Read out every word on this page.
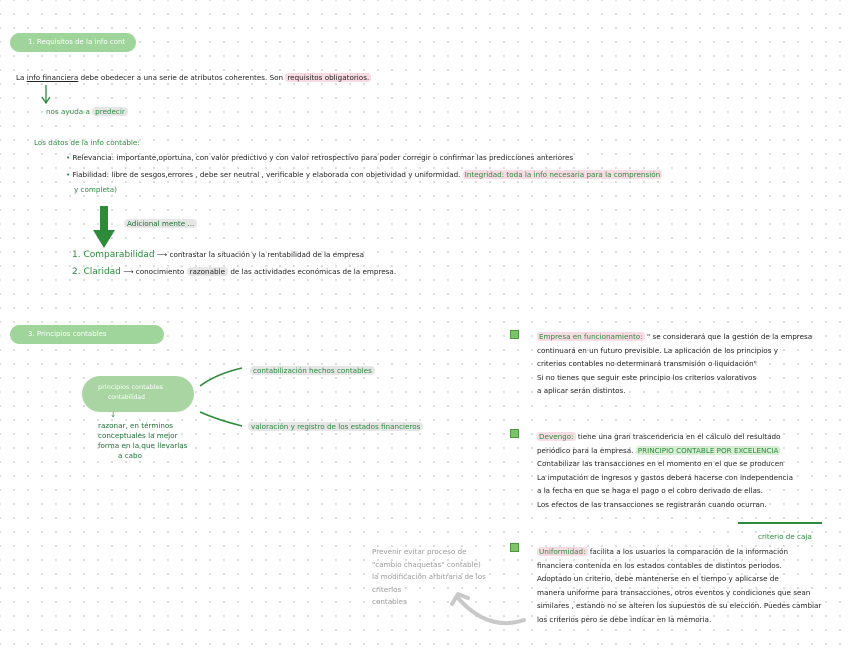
1. Requisitos de la info cont
La info financiera debe obedecer a una serie de atributos coherentes. Son requisitos obligatorios.
nos ayuda a predecir
Los datos de la info contable:
• Relevancia: importante,oportuna, con valor predictivo y con valor retrospectivo para poder corregir o confirmar las predicciones anteriores
• Fiabilidad: libre de sesgos,errores , debe ser neutral , verificable y elaborada con objetividad y uniformidad. Integridad: toda la info necesaria para la comprensión
y completa)
Adicional mente ...
1. Comparabilidad ⟶ contrastar la situación y la rentabilidad de la empresa
2. Claridad ⟶ conocimiento razonable de las actividades económicas de la empresa.
3. Principios contables
principios contables
contabilidad
↓
razonar, en términos
conceptuales la mejor
forma en la que llevarlas
a cabo
contabilización hechos contables
valoración y registro de los estados financieros
Empresa en funcionamiento: " se considerará que la gestión de la empresa
continuará en un futuro previsible. La aplicación de los principios y
criterios contables no determinará transmisión o liquidación"
Si no tienes que seguir este principio los criterios valorativos
a aplicar serán distintos.
Devengo: tiene una gran trascendencia en el cálculo del resultado
periódico para la empresa. PRINCIPIO CONTABLE POR EXCELENCIA
Contabilizar las transacciones en el momento en el que se producen
La imputación de ingresos y gastos deberá hacerse con independencia
a la fecha en que se haga el pago o el cobro derivado de ellas.
Los efectos de las transacciones se registrarán cuando ocurran.
criterio de caja
Uniformidad: facilita a los usuarios la comparación de la información
financiera contenida en los estados contables de distintos periodos.
Adoptado un criterio, debe mantenerse en el tiempo y aplicarse de
manera uniforme para transacciones, otros eventos y condiciones que sean
similares , estando no se alteren los supuestos de su elección. Puedes cambiar
los criterios pero se debe indicar en la memoria.
Prevenir evitar proceso de
"cambio chaquetas" contable)
la modificación arbitraria de los
criterios
contables
